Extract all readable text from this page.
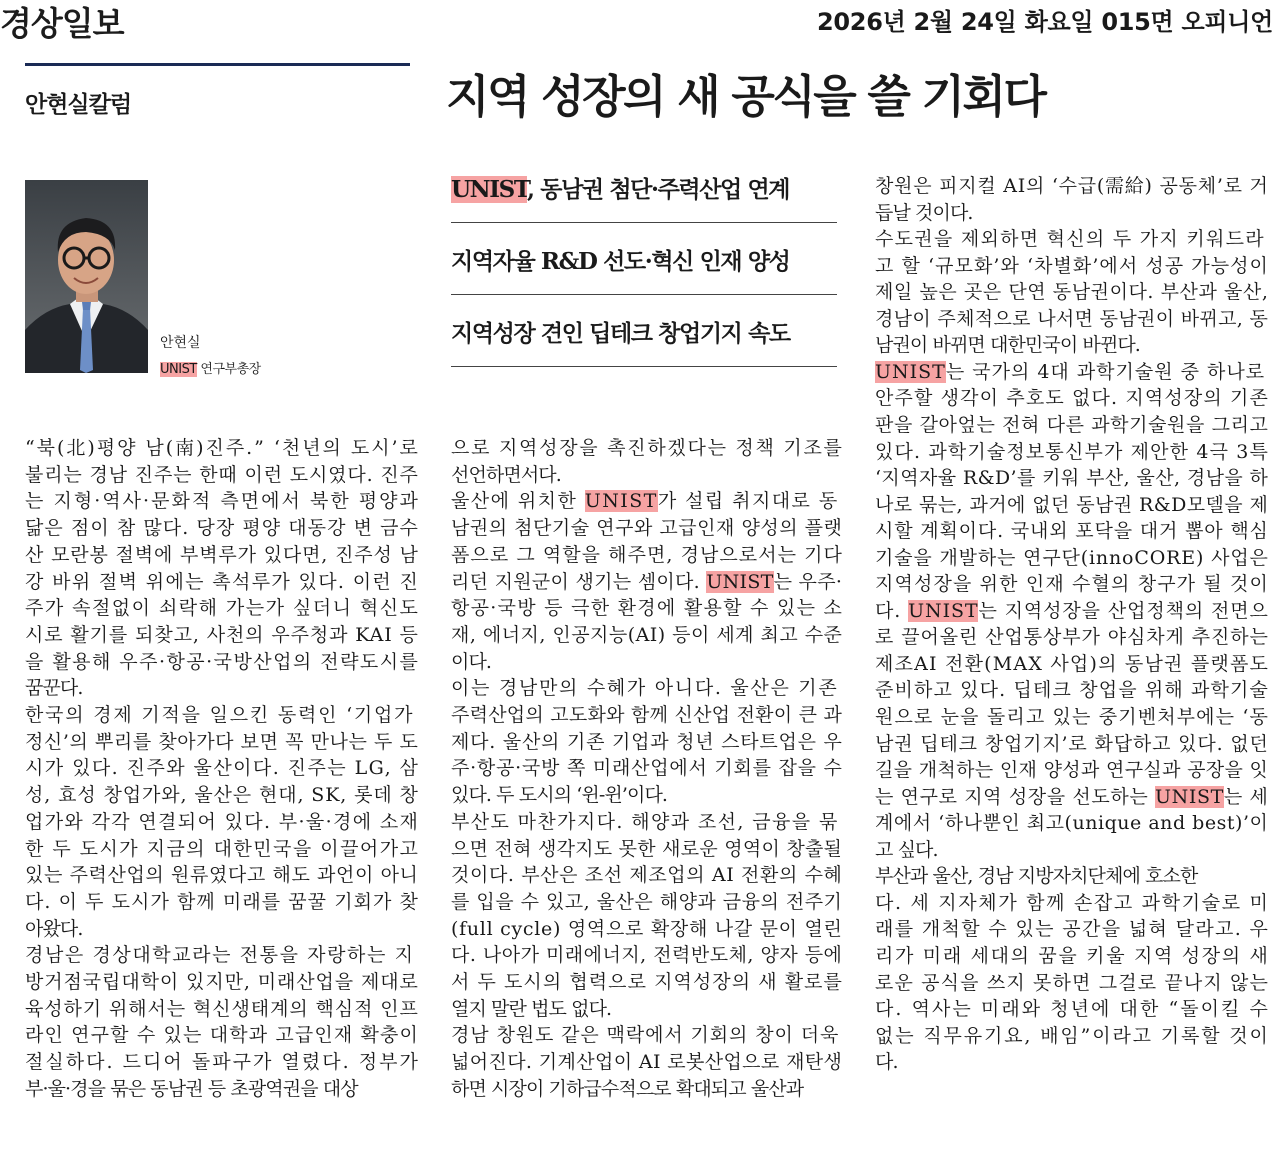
경상일보	2026년 2월 24일 화요일 015면 오피니언
안현실칼럼	지역 성장의 새 공식을 쓸 기회다
안현실
UNIST 연구부총장
UNIST, 동남권 첨단·주력산업 연계
지역자율 R&D 선도·혁신 인재 양성
지역성장 견인 딥테크 창업기지 속도
“북(北)평양 남(南)진주.” ‘천년의 도시’로
불리는 경남 진주는 한때 이런 도시였다. 진주
는 지형·역사·문화적 측면에서 북한 평양과
닮은 점이 참 많다. 당장 평양 대동강 변 금수
산 모란봉 절벽에 부벽루가 있다면, 진주성 남
강 바위 절벽 위에는 촉석루가 있다. 이런 진
주가 속절없이 쇠락해 가는가 싶더니 혁신도
시로 활기를 되찾고, 사천의 우주청과 KAI 등
을 활용해 우주·항공·국방산업의 전략도시를
꿈꾼다.
한국의 경제 기적을 일으킨 동력인 ‘기업가
정신’의 뿌리를 찾아가다 보면 꼭 만나는 두 도
시가 있다. 진주와 울산이다. 진주는 LG, 삼
성, 효성 창업가와, 울산은 현대, SK, 롯데 창
업가와 각각 연결되어 있다. 부·울·경에 소재
한 두 도시가 지금의 대한민국을 이끌어가고
있는 주력산업의 원류였다고 해도 과언이 아니
다. 이 두 도시가 함께 미래를 꿈꿀 기회가 찾
아왔다.
경남은 경상대학교라는 전통을 자랑하는 지
방거점국립대학이 있지만, 미래산업을 제대로
육성하기 위해서는 혁신생태계의 핵심적 인프
라인 연구할 수 있는 대학과 고급인재 확충이
절실하다. 드디어 돌파구가 열렸다. 정부가
부·울·경을 묶은 동남권 등 초광역권을 대상
으로 지역성장을 촉진하겠다는 정책 기조를
선언하면서다.
울산에 위치한 UNIST가 설립 취지대로 동
남권의 첨단기술 연구와 고급인재 양성의 플랫
폼으로 그 역할을 해주면, 경남으로서는 기다
리던 지원군이 생기는 셈이다. UNIST는 우주·
항공·국방 등 극한 환경에 활용할 수 있는 소
재, 에너지, 인공지능(AI) 등이 세계 최고 수준
이다.
이는 경남만의 수혜가 아니다. 울산은 기존
주력산업의 고도화와 함께 신산업 전환이 큰 과
제다. 울산의 기존 기업과 청년 스타트업은 우
주·항공·국방 쪽 미래산업에서 기회를 잡을 수
있다. 두 도시의 ‘윈-윈’이다.
부산도 마찬가지다. 해양과 조선, 금융을 묶
으면 전혀 생각지도 못한 새로운 영역이 창출될
것이다. 부산은 조선 제조업의 AI 전환의 수혜
를 입을 수 있고, 울산은 해양과 금융의 전주기
(full cycle) 영역으로 확장해 나갈 문이 열린
다. 나아가 미래에너지, 전력반도체, 양자 등에
서 두 도시의 협력으로 지역성장의 새 활로를
열지 말란 법도 없다.
경남 창원도 같은 맥락에서 기회의 창이 더욱
넓어진다. 기계산업이 AI 로봇산업으로 재탄생
하면 시장이 기하급수적으로 확대되고 울산과
창원은 피지컬 AI의 ‘수급(需給) 공동체’로 거
듭날 것이다.
수도권을 제외하면 혁신의 두 가지 키워드라
고 할 ‘규모화’와 ‘차별화’에서 성공 가능성이
제일 높은 곳은 단연 동남권이다. 부산과 울산,
경남이 주체적으로 나서면 동남권이 바뀌고, 동
남권이 바뀌면 대한민국이 바뀐다.
UNIST는 국가의 4대 과학기술원 중 하나로
안주할 생각이 추호도 없다. 지역성장의 기존
판을 갈아엎는 전혀 다른 과학기술원을 그리고
있다. 과학기술정보통신부가 제안한 4극 3특
‘지역자율 R&D’를 키워 부산, 울산, 경남을 하
나로 묶는, 과거에 없던 동남권 R&D모델을 제
시할 계획이다. 국내외 포닥을 대거 뽑아 핵심
기술을 개발하는 연구단(innoCORE) 사업은
지역성장을 위한 인재 수혈의 창구가 될 것이
다. UNIST는 지역성장을 산업정책의 전면으
로 끌어올린 산업통상부가 야심차게 추진하는
제조AI 전환(MAX 사업)의 동남권 플랫폼도
준비하고 있다. 딥테크 창업을 위해 과학기술
원으로 눈을 돌리고 있는 중기벤처부에는 ‘동
남권 딥테크 창업기지’로 화답하고 있다. 없던
길을 개척하는 인재 양성과 연구실과 공장을 잇
는 연구로 지역 성장을 선도하는 UNIST는 세
계에서 ‘하나뿐인 최고(unique and best)’이
고 싶다.
부산과 울산, 경남 지방자치단체에 호소한
다. 세 지자체가 함께 손잡고 과학기술로 미
래를 개척할 수 있는 공간을 넓혀 달라고. 우
리가 미래 세대의 꿈을 키울 지역 성장의 새
로운 공식을 쓰지 못하면 그걸로 끝나지 않는
다. 역사는 미래와 청년에 대한 “돌이킬 수
없는 직무유기요, 배임”이라고 기록할 것이
다.
